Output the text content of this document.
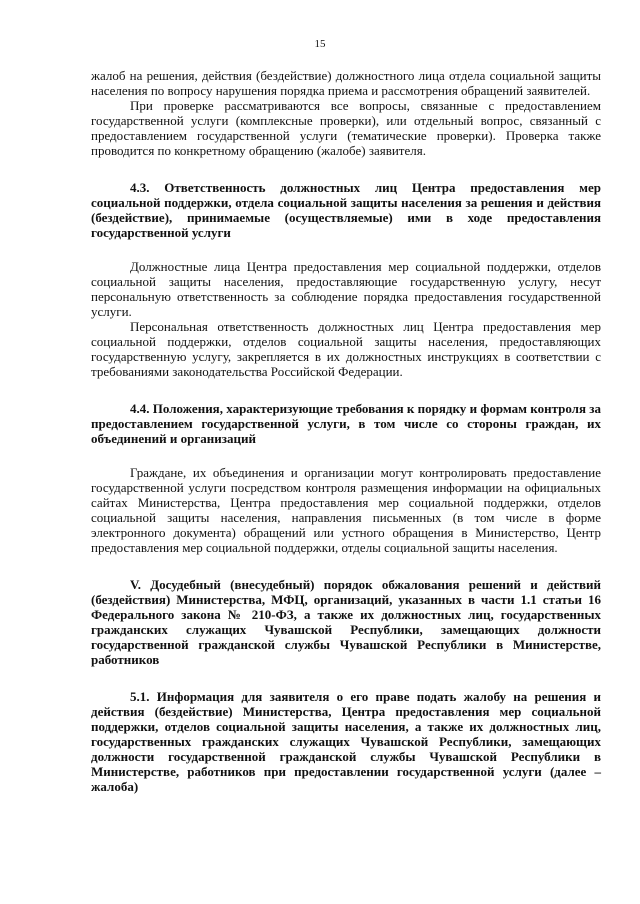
15

жалоб на решения, действия (бездействие) должностного лица отдела социальной защиты населения по вопросу нарушения порядка приема и рассмотрения обращений заявителей.

При проверке рассматриваются все вопросы, связанные с предоставлением государственной услуги (комплексные проверки), или отдельный вопрос, связанный с предоставлением государственной услуги (тематические проверки). Проверка также проводится по конкретному обращению (жалобе) заявителя.

4.3. Ответственность должностных лиц Центра предоставления мер социальной поддержки, отдела социальной защиты населения за решения и действия (бездействие), принимаемые (осуществляемые) ими в ходе предоставления государственной услуги

Должностные лица Центра предоставления мер социальной поддержки, отделов социальной защиты населения, предоставляющие государственную услугу, несут персональную ответственность за соблюдение порядка предоставления государственной услуги.

Персональная ответственность должностных лиц Центра предоставления мер социальной поддержки, отделов социальной защиты населения, предоставляющих государственную услугу, закрепляется в их должностных инструкциях в соответствии с требованиями законодательства Российской Федерации.

4.4. Положения, характеризующие требования к порядку и формам контроля за предоставлением государственной услуги, в том числе со стороны граждан, их объединений и организаций

Граждане, их объединения и организации могут контролировать предоставление государственной услуги посредством контроля размещения информации на официальных сайтах Министерства, Центра предоставления мер социальной поддержки, отделов социальной защиты населения, направления письменных (в том числе в форме электронного документа) обращений или устного обращения в Министерство, Центр предоставления мер социальной поддержки, отделы социальной защиты населения.

V. Досудебный (внесудебный) порядок обжалования решений и действий (бездействия) Министерства, МФЦ, организаций, указанных в части 1.1 статьи 16 Федерального закона № 210-ФЗ, а также их должностных лиц, государственных гражданских служащих Чувашской Республики, замещающих должности государственной гражданской службы Чувашской Республики в Министерстве, работников

5.1. Информация для заявителя о его праве подать жалобу на решения и действия (бездействие) Министерства, Центра предоставления мер социальной поддержки, отделов социальной защиты населения, а также их должностных лиц, государственных гражданских служащих Чувашской Республики, замещающих должности государственной гражданской службы Чувашской Республики в Министерстве, работников при предоставлении государственной услуги (далее – жалоба)
